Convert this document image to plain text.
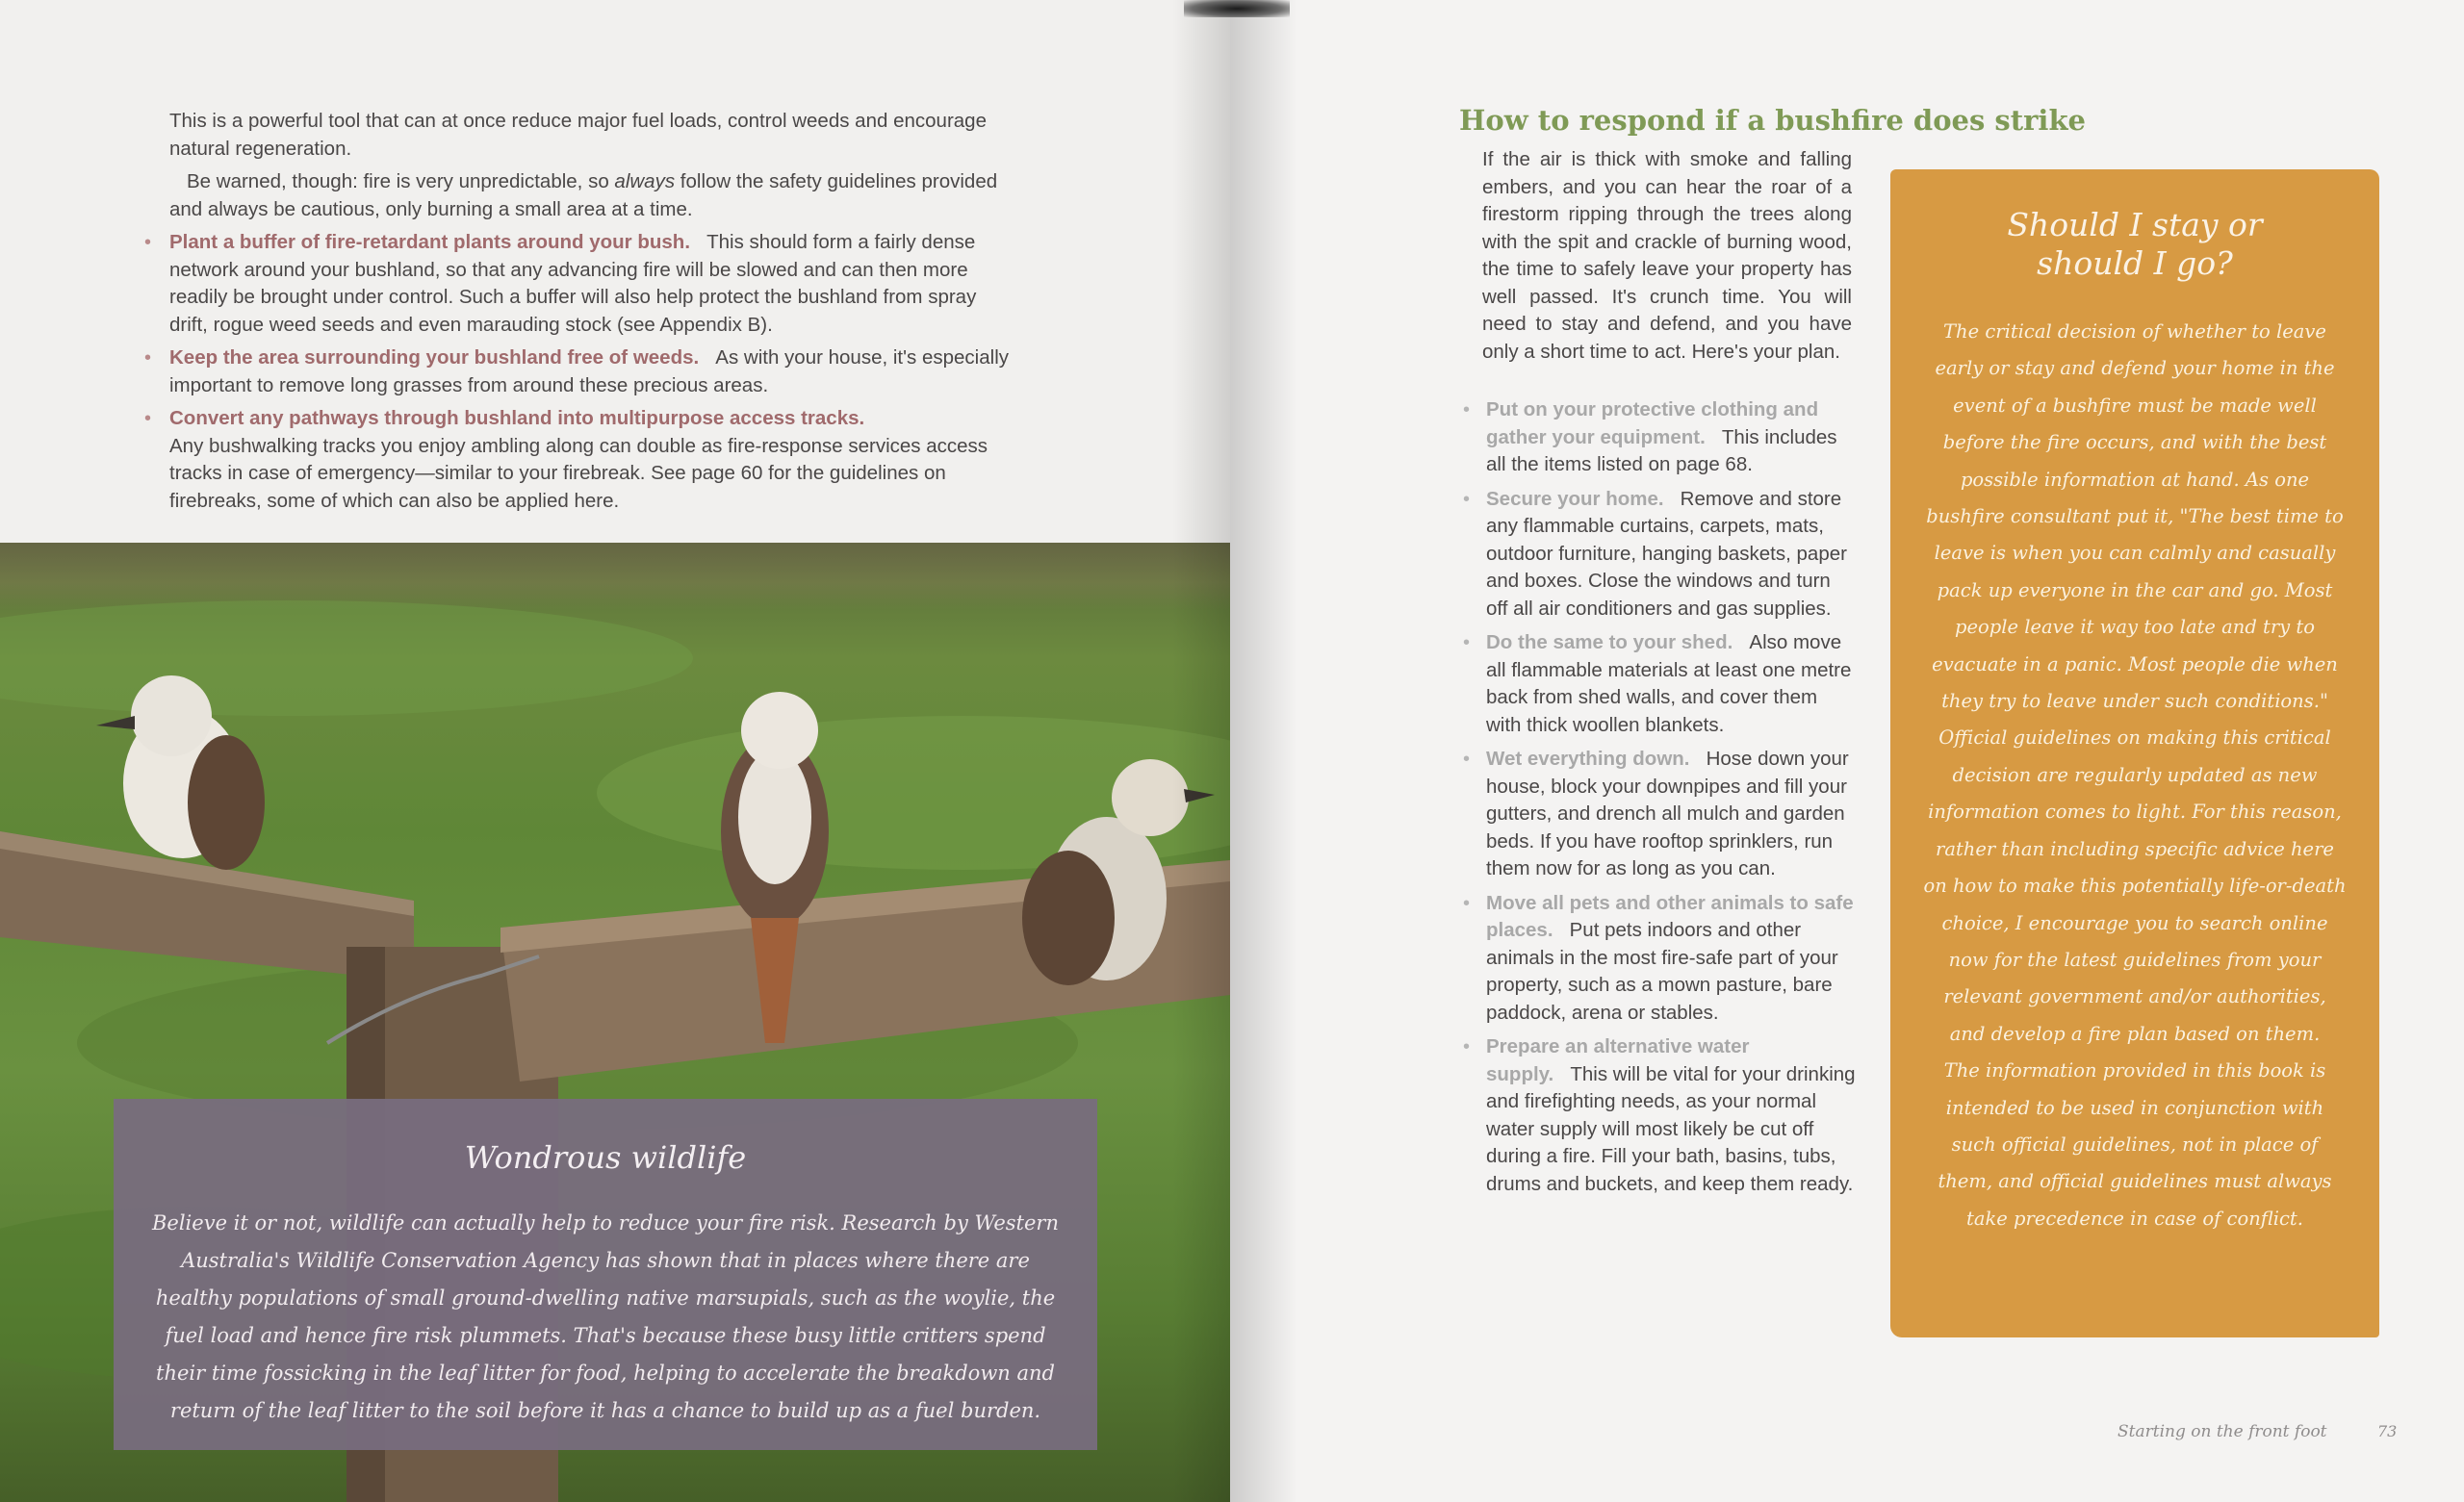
This is a powerful tool that can at once reduce major fuel loads, control weeds and encourage natural regeneration.

Be warned, though: fire is very unpredictable, so always follow the safety guidelines provided and always be cautious, only burning a small area at a time.

• Plant a buffer of fire-retardant plants around your bush. This should form a fairly dense network around your bushland, so that any advancing fire will be slowed and can then more readily be brought under control. Such a buffer will also help protect the bushland from spray drift, rogue weed seeds and even marauding stock (see Appendix B).
• Keep the area surrounding your bushland free of weeds. As with your house, it's especially important to remove long grasses from around these precious areas.
• Convert any pathways through bushland into multipurpose access tracks.
Any bushwalking tracks you enjoy ambling along can double as fire-response services access tracks in case of emergency—similar to your firebreak. See page 60 for the guidelines on firebreaks, some of which can also be applied here.
Wondrous wildlife
Believe it or not, wildlife can actually help to reduce your fire risk. Research by Western Australia's Wildlife Conservation Agency has shown that in places where there are healthy populations of small ground-dwelling native marsupials, such as the woylie, the fuel load and hence fire risk plummets. That's because these busy little critters spend their time fossicking in the leaf litter for food, helping to accelerate the breakdown and return of the leaf litter to the soil before it has a chance to build up as a fuel burden.
How to respond if a bushfire does strike
If the air is thick with smoke and falling embers, and you can hear the roar of a firestorm ripping through the trees along with the spit and crackle of burning wood, the time to safely leave your property has well passed. It's crunch time. You will need to stay and defend, and you have only a short time to act. Here's your plan.
• Put on your protective clothing and gather your equipment. This includes all the items listed on page 68.
• Secure your home. Remove and store any flammable curtains, carpets, mats, outdoor furniture, hanging baskets, paper and boxes. Close the windows and turn off all air conditioners and gas supplies.
• Do the same to your shed. Also move all flammable materials at least one metre back from shed walls, and cover them with thick woollen blankets.
• Wet everything down. Hose down your house, block your downpipes and fill your gutters, and drench all mulch and garden beds. If you have rooftop sprinklers, run them now for as long as you can.
• Move all pets and other animals to safe places. Put pets indoors and other animals in the most fire-safe part of your property, such as a mown pasture, bare paddock, arena or stables.
• Prepare an alternative water supply. This will be vital for your drinking and firefighting needs, as your normal water supply will most likely be cut off during a fire. Fill your bath, basins, tubs, drums and buckets, and keep them ready.
Should I stay or
should I go?

The critical decision of whether to leave early or stay and defend your home in the event of a bushfire must be made well before the fire occurs, and with the best possible information at hand. As one bushfire consultant put it, "The best time to leave is when you can calmly and casually pack up everyone in the car and go. Most people leave it way too late and try to evacuate in a panic. Most people die when they try to leave under such conditions."

Official guidelines on making this critical decision are regularly updated as new information comes to light. For this reason, rather than including specific advice here on how to make this potentially life-or-death choice, I encourage you to search online now for the latest guidelines from your relevant government and/or authorities, and develop a fire plan based on them.

The information provided in this book is intended to be used in conjunction with such official guidelines, not in place of them, and official guidelines must always take precedence in case of conflict.

Starting on the front foot	73
